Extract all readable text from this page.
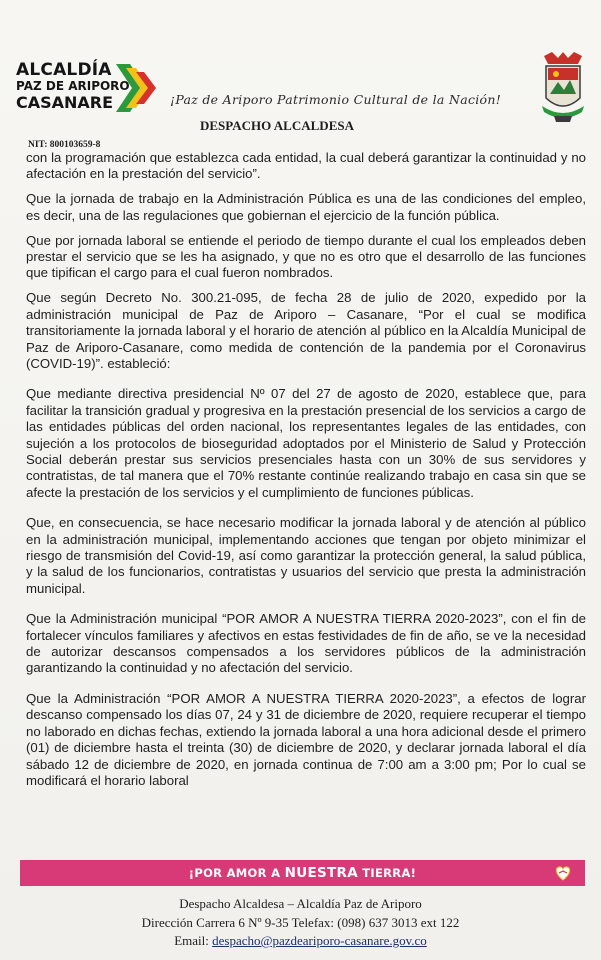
ALCALDÍA
PAZ DE ARIPORO
CASANARE	¡Paz de Ariporo Patrimonio Cultural de la Nación!
DESPACHO ALCALDESA
NIT: 800103659-8

con la programación que establezca cada entidad, la cual deberá garantizar la continuidad y no afectación en la prestación del servicio”.

Que la jornada de trabajo en la Administración Pública es una de las condiciones del empleo, es decir, una de las regulaciones que gobiernan el ejercicio de la función pública.

Que por jornada laboral se entiende el periodo de tiempo durante el cual los empleados deben prestar el servicio que se les ha asignado, y que no es otro que el desarrollo de las funciones que tipifican el cargo para el cual fueron nombrados.

Que según Decreto No. 300.21-095, de fecha 28 de julio de 2020, expedido por la administración municipal de Paz de Ariporo – Casanare, “Por el cual se modifica transitoriamente la jornada laboral y el horario de atención al público en la Alcaldía Municipal de Paz de Ariporo-Casanare, como medida de contención de la pandemia por el Coronavirus (COVID-19)”. estableció:

Que mediante directiva presidencial Nº 07 del 27 de agosto de 2020, establece que, para facilitar la transición gradual y progresiva en la prestación presencial de los servicios a cargo de las entidades públicas del orden nacional, los representantes legales de las entidades, con sujeción a los protocolos de bioseguridad adoptados por el Ministerio de Salud y Protección Social deberán prestar sus servicios presenciales hasta con un 30% de sus servidores y contratistas, de tal manera que el 70% restante continúe realizando trabajo en casa sin que se afecte la prestación de los servicios y el cumplimiento de funciones públicas.

Que, en consecuencia, se hace necesario modificar la jornada laboral y de atención al público en la administración municipal, implementando acciones que tengan por objeto minimizar el riesgo de transmisión del Covid-19, así como garantizar la protección general, la salud pública, y la salud de los funcionarios, contratistas y usuarios del servicio que presta la administración municipal.

Que la Administración municipal “POR AMOR A NUESTRA TIERRA 2020-2023”, con el fin de fortalecer vínculos familiares y afectivos en estas festividades de fin de año, se ve la necesidad de autorizar descansos compensados a los servidores públicos de la administración garantizando la continuidad y no afectación del servicio.

Que la Administración “POR AMOR A NUESTRA TIERRA 2020-2023”, a efectos de lograr descanso compensado los días 07, 24 y 31 de diciembre de 2020, requiere recuperar el tiempo no laborado en dichas fechas, extiendo la jornada laboral a una hora adicional desde el primero (01) de diciembre hasta el treinta (30) de diciembre de 2020, y declarar jornada laboral el día sábado 12 de diciembre de 2020, en jornada continua de 7:00 am a 3:00 pm; Por lo cual se modificará el horario laboral

¡POR AMOR A NUESTRA TIERRA!
Despacho Alcaldesa – Alcaldía Paz de Ariporo
Dirección Carrera 6 Nº 9-35 Telefax: (098) 637 3013 ext 122
Email: despacho@pazdeariporo-casanare.gov.co
